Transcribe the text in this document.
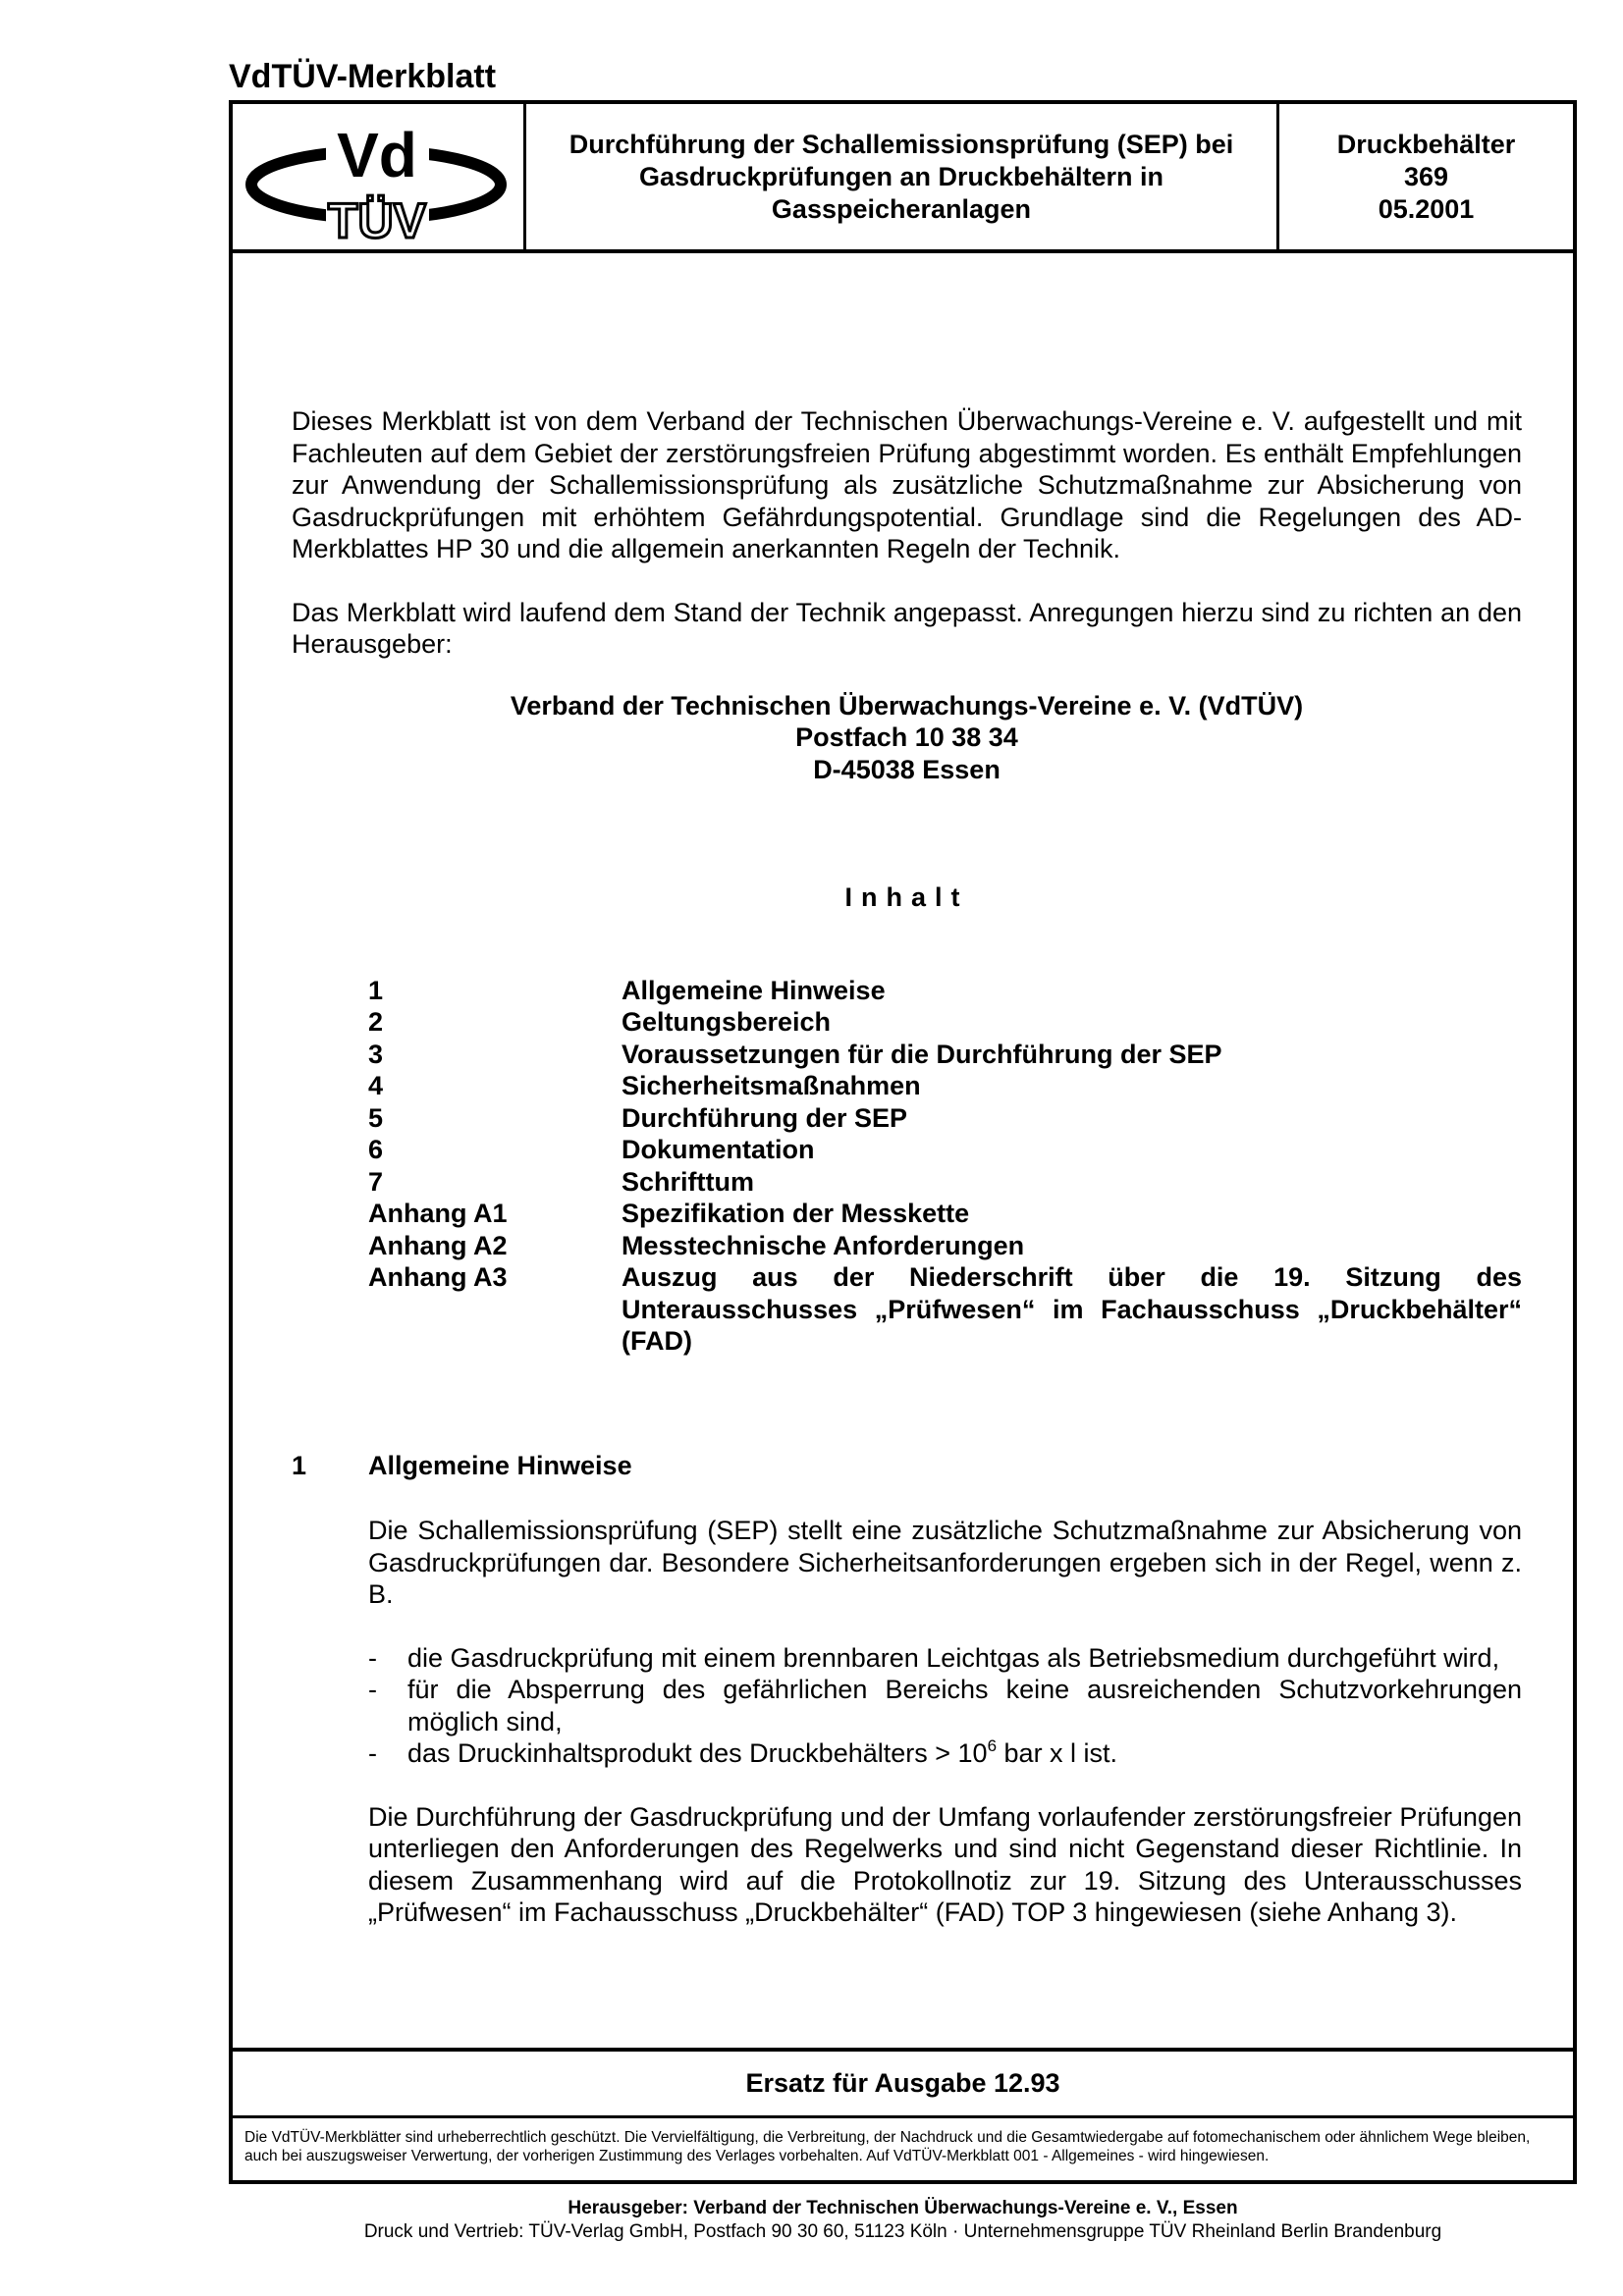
VdTÜV-Merkblatt
Vd
TÜV
Durchführung der Schallemissionsprüfung (SEP) bei
Gasdruckprüfungen an Druckbehältern in
Gasspeicheranlagen
Druckbehälter
369
05.2001

Dieses Merkblatt ist von dem Verband der Technischen Überwachungs-Vereine e. V. aufgestellt und mit Fachleuten auf dem Gebiet der zerstörungsfreien Prüfung abgestimmt worden. Es enthält Empfehlungen zur Anwendung der Schallemissionsprüfung als zusätzliche Schutzmaßnahme zur Absicherung von Gasdruckprüfungen mit erhöhtem Gefährdungspotential. Grundlage sind die Regelungen des AD-Merkblattes HP 30 und die allgemein anerkannten Regeln der Technik.

Das Merkblatt wird laufend dem Stand der Technik angepasst. Anregungen hierzu sind zu richten an den Herausgeber:

Verband der Technischen Überwachungs-Vereine e. V. (VdTÜV)
Postfach 10 38 34
D-45038 Essen
Inhalt
1	Allgemeine Hinweise
2	Geltungsbereich
3	Voraussetzungen für die Durchführung der SEP
4	Sicherheitsmaßnahmen
5	Durchführung der SEP
6	Dokumentation
7	Schrifttum
Anhang A1	Spezifikation der Messkette
Anhang A2	Messtechnische Anforderungen
Anhang A3	Auszug aus der Niederschrift über die 19. Sitzung des Unterausschusses „Prüfwesen“ im Fachausschuss „Druckbehälter“ (FAD)
1	Allgemeine Hinweise

Die Schallemissionsprüfung (SEP) stellt eine zusätzliche Schutzmaßnahme zur Absicherung von Gasdruckprüfungen dar. Besondere Sicherheitsanforderungen ergeben sich in der Regel, wenn z. B.

- die Gasdruckprüfung mit einem brennbaren Leichtgas als Betriebsmedium durchgeführt wird,
- für die Absperrung des gefährlichen Bereichs keine ausreichenden Schutzvorkehrungen möglich sind,
- das Druckinhaltsprodukt des Druckbehälters > $10^6$ bar x l ist.

Die Durchführung der Gasdruckprüfung und der Umfang vorlaufender zerstörungsfreier Prüfungen unterliegen den Anforderungen des Regelwerks und sind nicht Gegenstand dieser Richtlinie. In diesem Zusammenhang wird auf die Protokollnotiz zur 19. Sitzung des Unterausschusses „Prüfwesen“ im Fachausschuss „Druckbehälter“ (FAD) TOP 3 hingewiesen (siehe Anhang 3).

Ersatz für Ausgabe 12.93
Die VdTÜV-Merkblätter sind urheberrechtlich geschützt. Die Vervielfältigung, die Verbreitung, der Nachdruck und die Gesamtwiedergabe auf fotomechanischem oder ähnlichem Wege bleiben, auch bei auszugsweiser Verwertung, der vorherigen Zustimmung des Verlages vorbehalten. Auf VdTÜV-Merkblatt 001 - Allgemeines - wird hingewiesen.
Herausgeber: Verband der Technischen Überwachungs-Vereine e. V., Essen
Druck und Vertrieb: TÜV-Verlag GmbH, Postfach 90 30 60, 51123 Köln · Unternehmensgruppe TÜV Rheinland Berlin Brandenburg
